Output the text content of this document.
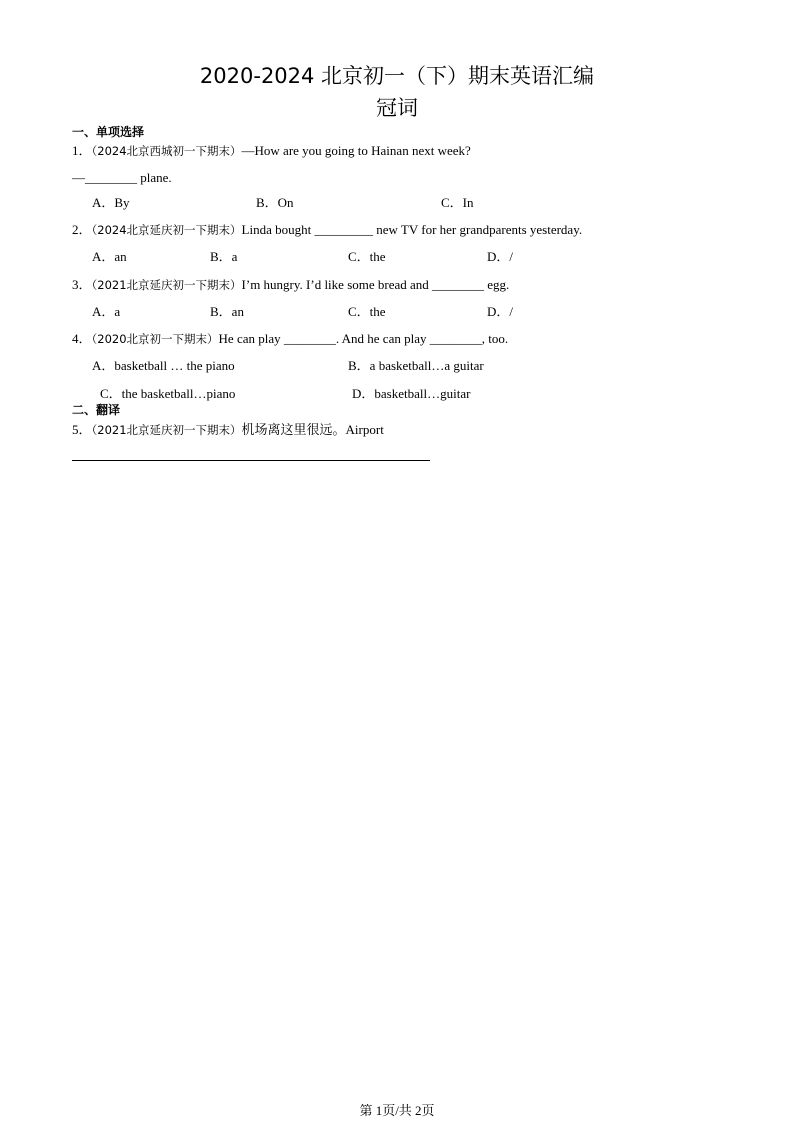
2020-2024 北京初一（下）期末英语汇编
冠词
一、单项选择
1．（2024北京西城初一下期末）—How are you going to Hainan next week?
—________ plane.
A．By	B．On	C．In
2．（2024北京延庆初一下期末）Linda bought _________ new TV for her grandparents yesterday.
A．an	B．a	C．the	D．/
3．（2021北京延庆初一下期末）I’m hungry. I’d like some bread and ________ egg.
A．a	B．an	C．the	D．/
4．（2020北京初一下期末）He can play ________. And he can play ________, too.
A．basketball … the piano	B．a basketball…a guitar
C．the basketball…piano	D．basketball…guitar
二、翻译
5．（2021北京延庆初一下期末）机场离这里很远。Airport
第 1页/共 2页
